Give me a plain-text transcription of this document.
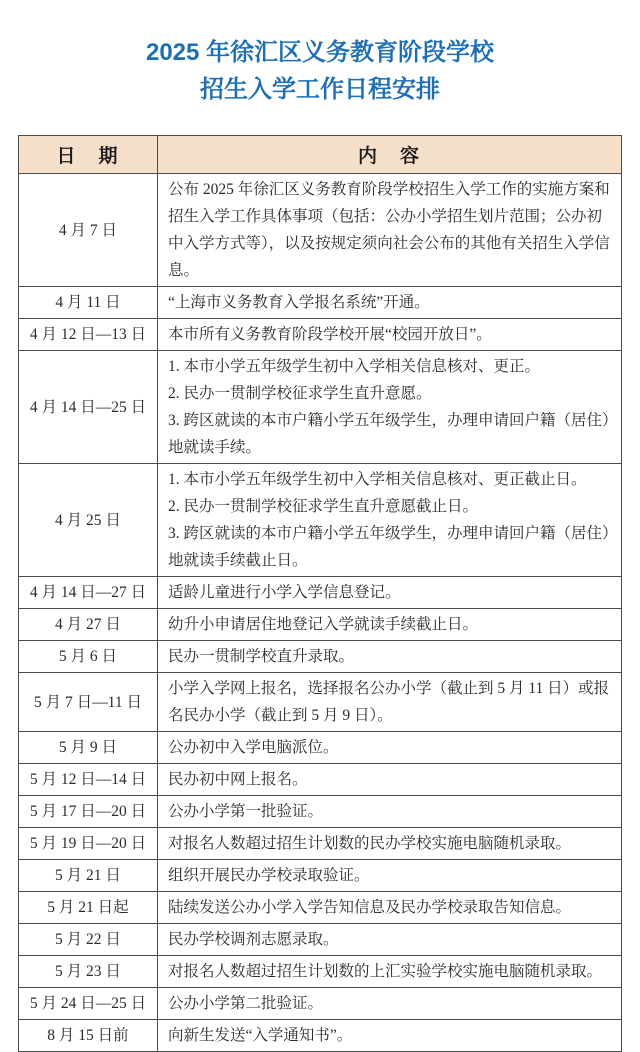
2025 年徐汇区义务教育阶段学校
招生入学工作日程安排
日　期	内　容
4 月 7 日	公布 2025 年徐汇区义务教育阶段学校招生入学工作的实施方案和招生入学工作具体事项（包括：公办小学招生划片范围；公办初中入学方式等），以及按规定须向社会公布的其他有关招生入学信息。

4 月 11 日	“上海市义务教育入学报名系统”开通。

4 月 12 日—13 日	本市所有义务教育阶段学校开展“校园开放日”。

4 月 14 日—25 日	1. 本市小学五年级学生初中入学相关信息核对、更正。
2. 民办一贯制学校征求学生直升意愿。
3. 跨区就读的本市户籍小学五年级学生，办理申请回户籍（居住）地就读手续。

4 月 25 日	1. 本市小学五年级学生初中入学相关信息核对、更正截止日。
2. 民办一贯制学校征求学生直升意愿截止日。
3. 跨区就读的本市户籍小学五年级学生，办理申请回户籍（居住）地就读手续截止日。

4 月 14 日—27 日	适龄儿童进行小学入学信息登记。

4 月 27 日	幼升小申请居住地登记入学就读手续截止日。

5 月 6 日	民办一贯制学校直升录取。

5 月 7 日—11 日	小学入学网上报名，选择报名公办小学（截止到 5 月 11 日）或报名民办小学（截止到 5 月 9 日）。

5 月 9 日	公办初中入学电脑派位。

5 月 12 日—14 日	民办初中网上报名。

5 月 17 日—20 日	公办小学第一批验证。

5 月 19 日—20 日	对报名人数超过招生计划数的民办学校实施电脑随机录取。

5 月 21 日	组织开展民办学校录取验证。

5 月 21 日起	陆续发送公办小学入学告知信息及民办学校录取告知信息。

5 月 22 日	民办学校调剂志愿录取。

5 月 23 日	对报名人数超过招生计划数的上汇实验学校实施电脑随机录取。

5 月 24 日—25 日	公办小学第二批验证。

8 月 15 日前	向新生发送“入学通知书”。
